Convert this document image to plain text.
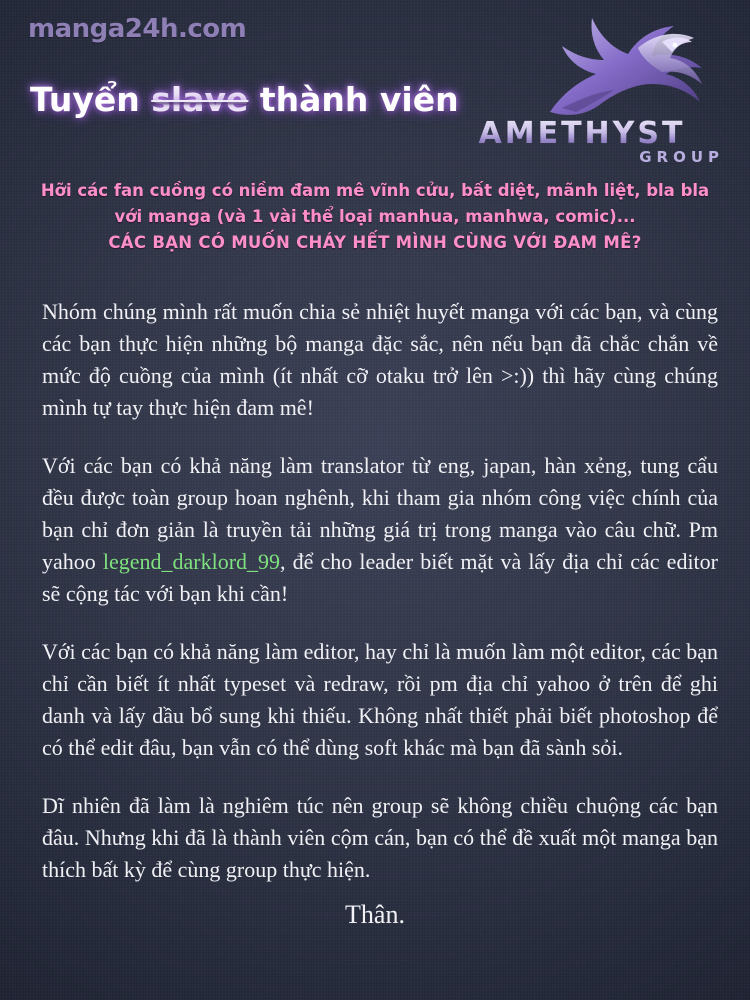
manga24h.com
AMETHYST
GROUP
Tuyển slave thành viên
Hỡi các fan cuồng có niềm đam mê vĩnh cửu, bất diệt, mãnh liệt, bla bla
với manga (và 1 vài thể loại manhua, manhwa, comic)...
CÁC BẠN CÓ MUỐN CHÁY HẾT MÌNH CÙNG VỚI ĐAM MÊ?

Nhóm chúng mình rất muốn chia sẻ nhiệt huyết manga với các bạn, và cùng các bạn thực hiện những bộ manga đặc sắc, nên nếu bạn đã chắc chắn về mức độ cuồng của mình (ít nhất cỡ otaku trở lên >:)) thì hãy cùng chúng mình tự tay thực hiện đam mê!

Với các bạn có khả năng làm translator từ eng, japan, hàn xẻng, tung cẩu đều được toàn group hoan nghênh, khi tham gia nhóm công việc chính của bạn chỉ đơn giản là truyền tải những giá trị trong manga vào câu chữ. Pm yahoo legend_darklord_99, để cho leader biết mặt và lấy địa chỉ các editor sẽ cộng tác với bạn khi cần!

Với các bạn có khả năng làm editor, hay chỉ là muốn làm một editor, các bạn chỉ cần biết ít nhất typeset và redraw, rồi pm địa chỉ yahoo ở trên để ghi danh và lấy dầu bổ sung khi thiếu. Không nhất thiết phải biết photoshop để có thể edit đâu, bạn vẫn có thể dùng soft khác mà bạn đã sành sỏi.

Dĩ nhiên đã làm là nghiêm túc nên group sẽ không chiều chuộng các bạn đâu. Nhưng khi đã là thành viên cộm cán, bạn có thể đề xuất một manga bạn thích bất kỳ để cùng group thực hiện.

Thân.
